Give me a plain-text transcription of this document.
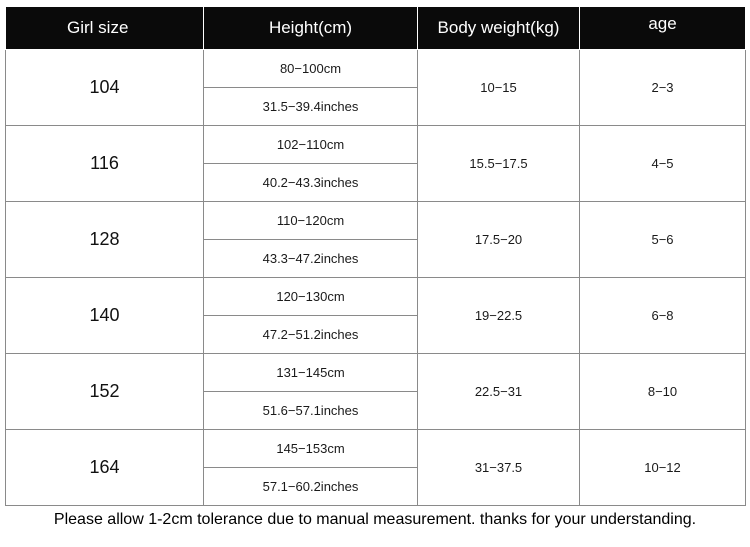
Girl size	Height(cm)	Body weight(kg)	age
104	80−100cm	10−15	2−3
	31.5−39.4inches		
116	102−110cm	15.5−17.5	4−5
	40.2−43.3inches		
128	110−120cm	17.5−20	5−6
	43.3−47.2inches		
140	120−130cm	19−22.5	6−8
	47.2−51.2inches		
152	131−145cm	22.5−31	8−10
	51.6−57.1inches		
164	145−153cm	31−37.5	10−12
	57.1−60.2inches		
Please allow 1-2cm tolerance due to manual measurement. thanks for your understanding.
